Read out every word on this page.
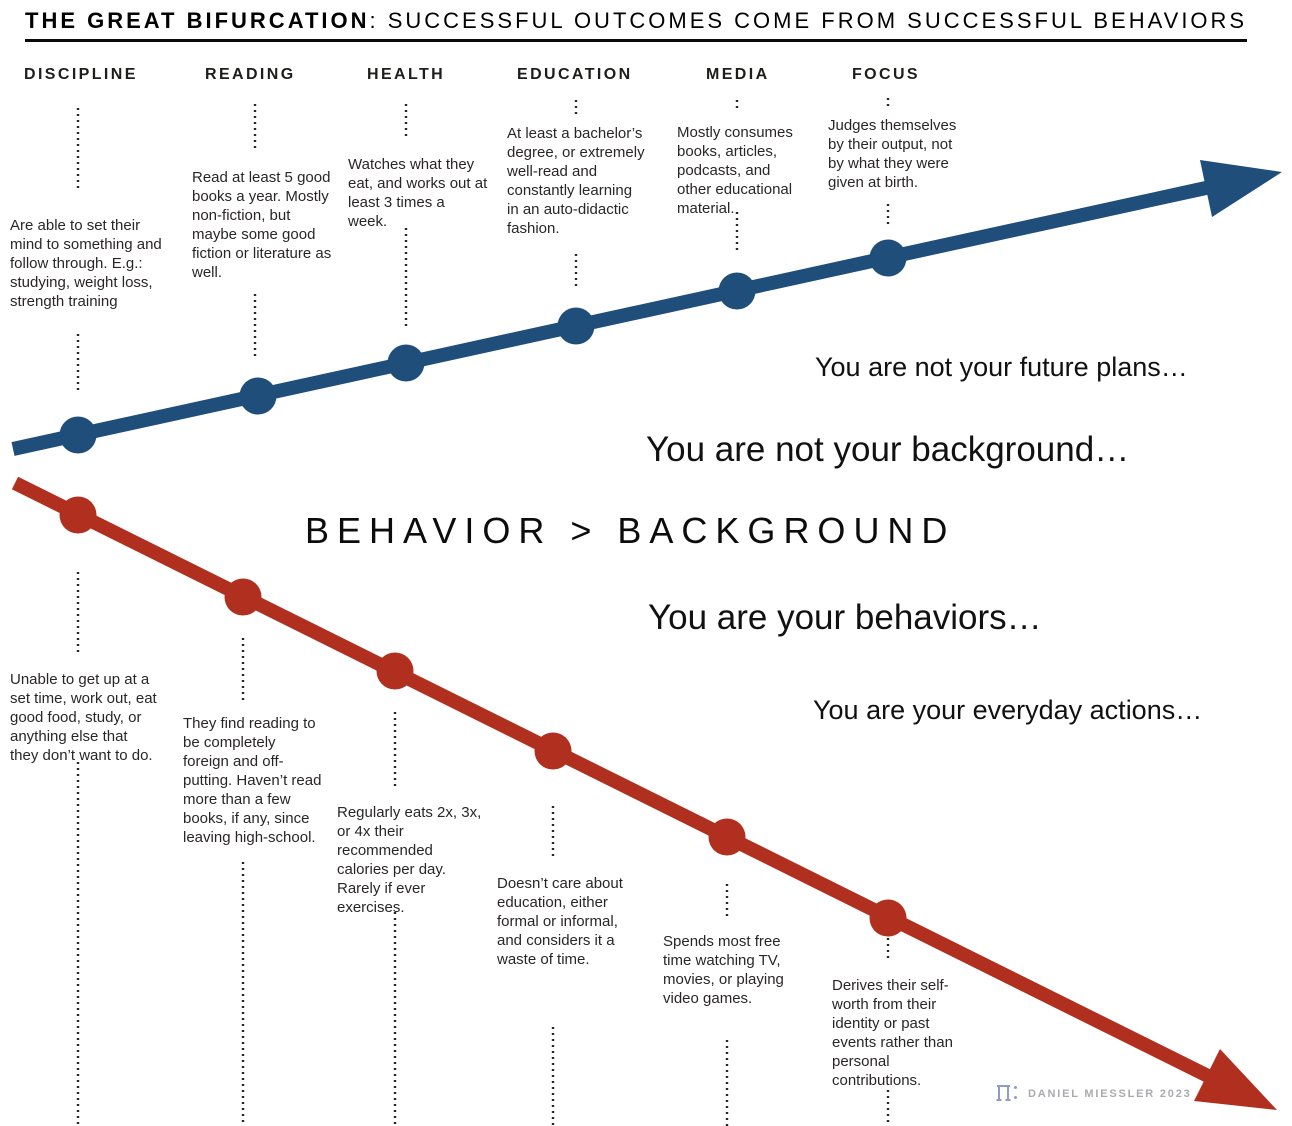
THE GREAT BIFURCATION: SUCCESSFUL OUTCOMES COME FROM SUCCESSFUL BEHAVIORS
DISCIPLINE	READING	HEALTH	EDUCATION	MEDIA	FOCUS
Are able to set their mind to something and follow through. E.g.: studying, weight loss, strength training
Read at least 5 good books a year. Mostly non-fiction, but maybe some good fiction or literature as well.
Watches what they eat, and works out at least 3 times a week.
At least a bachelor’s degree, or extremely well-read and constantly learning in an auto-didactic fashion.
Mostly consumes books, articles, podcasts, and other educational material.
Judges themselves by their output, not by what they were given at birth.
Unable to get up at a set time, work out, eat good food, study, or anything else that they don’t want to do.
They find reading to be completely foreign and off-putting. Haven’t read more than a few books, if any, since leaving high-school.
Regularly eats 2x, 3x, or 4x their recommended calories per day. Rarely if ever exercises.
Doesn’t care about education, either formal or informal, and considers it a waste of time.
Spends most free time watching TV, movies, or playing video games.
Derives their self-worth from their identity or past events rather than personal contributions.
You are not your future plans…
You are not your background…
BEHAVIOR > BACKGROUND
You are your behaviors…
You are your everyday actions…
DANIEL MIESSLER 2023
